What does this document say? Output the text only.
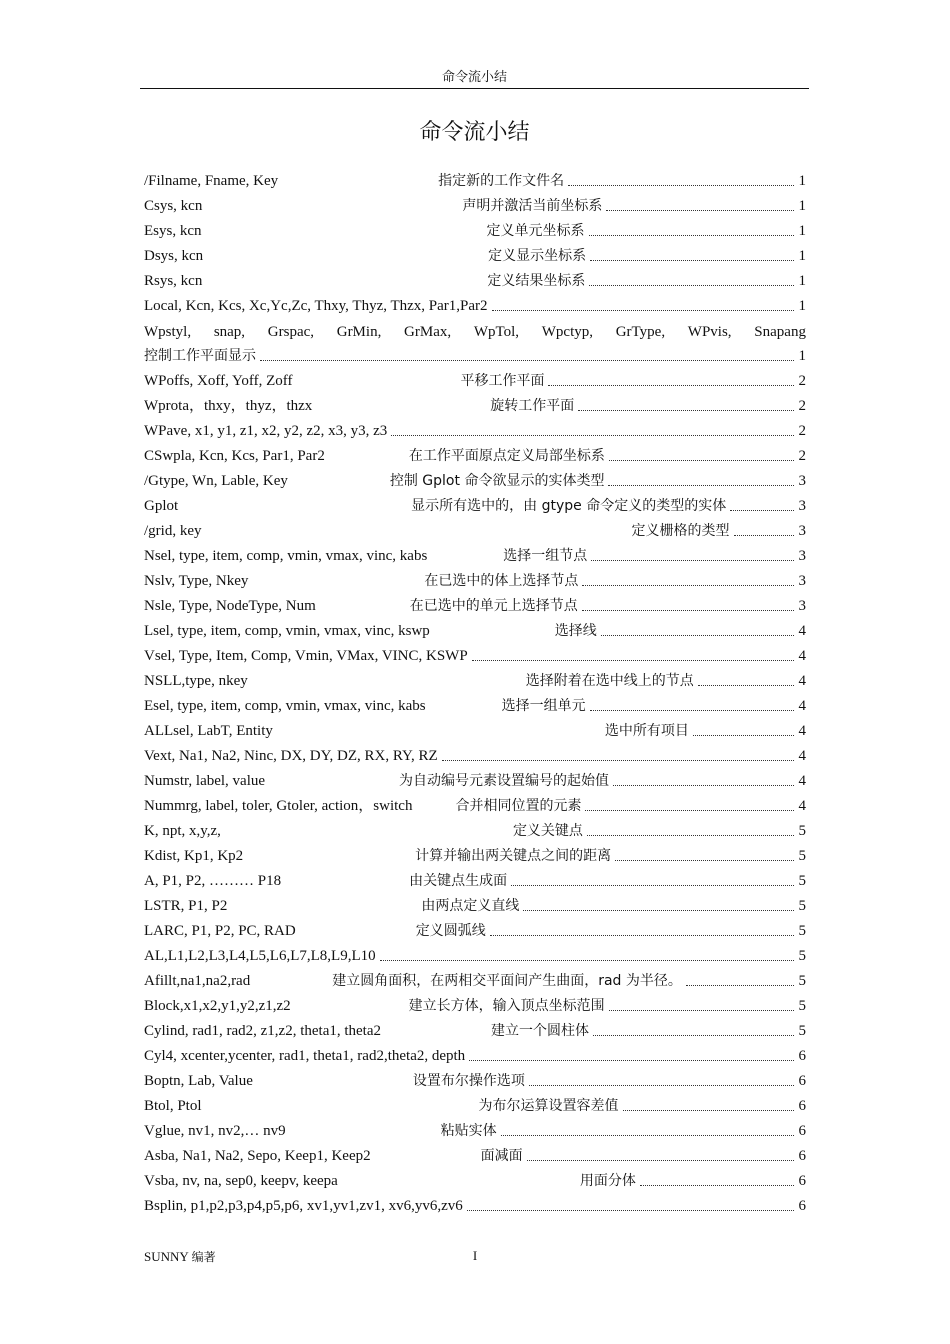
命令流小结
命令流小结
/Filname, Fname, Key	指定新的工作文件名	1
Csys, kcn	声明并激活当前坐标系	1
Esys, kcn	定义单元坐标系	1
Dsys, kcn	定义显示坐标系	1
Rsys, kcn	定义结果坐标系	1
Local, Kcn, Kcs, Xc,Yc,Zc, Thxy, Thyz, Thzx, Par1,Par2	1
Wpstyl, snap, Grspac, GrMin, GrMax, WpTol, Wpctyp, GrType, WPvis, Snapang
控制工作平面显示	1
WPoffs, Xoff, Yoff, Zoff	平移工作平面	2
Wprota，thxy，thyz，thzx	旋转工作平面	2
WPave, x1, y1, z1, x2, y2, z2, x3, y3, z3	2
CSwpla, Kcn, Kcs, Par1, Par2	在工作平面原点定义局部坐标系	2
/Gtype, Wn, Lable, Key	控制 Gplot 命令欲显示的实体类型	3
Gplot	显示所有选中的，由 gtype 命令定义的类型的实体	3
/grid, key	定义栅格的类型	3
Nsel, type, item, comp, vmin, vmax, vinc, kabs	选择一组节点	3
Nslv, Type, Nkey	在已选中的体上选择节点	3
Nsle, Type, NodeType, Num	在已选中的单元上选择节点	3
Lsel, type, item, comp, vmin, vmax, vinc, kswp	选择线	4
Vsel, Type, Item, Comp, Vmin, VMax, VINC, KSWP	4
NSLL,type, nkey	选择附着在选中线上的节点	4
Esel, type, item, comp, vmin, vmax, vinc, kabs	选择一组单元	4
ALLsel, LabT, Entity	选中所有项目	4
Vext, Na1, Na2, Ninc, DX, DY, DZ, RX, RY, RZ	4
Numstr, label, value	为自动编号元素设置编号的起始值	4
Nummrg, label, toler, Gtoler, action，switch	合并相同位置的元素	4
K, npt, x,y,z,	定义关键点	5
Kdist, Kp1, Kp2	计算并输出两关键点之间的距离	5
A, P1, P2, ……… P18	由关键点生成面	5
LSTR, P1, P2	由两点定义直线	5
LARC, P1, P2, PC, RAD	定义圆弧线	5
AL,L1,L2,L3,L4,L5,L6,L7,L8,L9,L10	5
Afillt,na1,na2,rad	建立圆角面积，在两相交平面间产生曲面，rad 为半径。	5
Block,x1,x2,y1,y2,z1,z2	建立长方体，输入顶点坐标范围	5
Cylind, rad1, rad2, z1,z2, theta1, theta2	建立一个圆柱体	5
Cyl4, xcenter,ycenter, rad1, theta1, rad2,theta2, depth	6
Boptn, Lab, Value	设置布尔操作选项	6
Btol, Ptol	为布尔运算设置容差值	6
Vglue, nv1, nv2,… nv9	粘贴实体	6
Asba, Na1, Na2, Sepo, Keep1, Keep2	面减面	6
Vsba, nv, na, sep0, keepv, keepa	用面分体	6
Bsplin, p1,p2,p3,p4,p5,p6, xv1,yv1,zv1, xv6,yv6,zv6	6
SUNNY 编著	I
